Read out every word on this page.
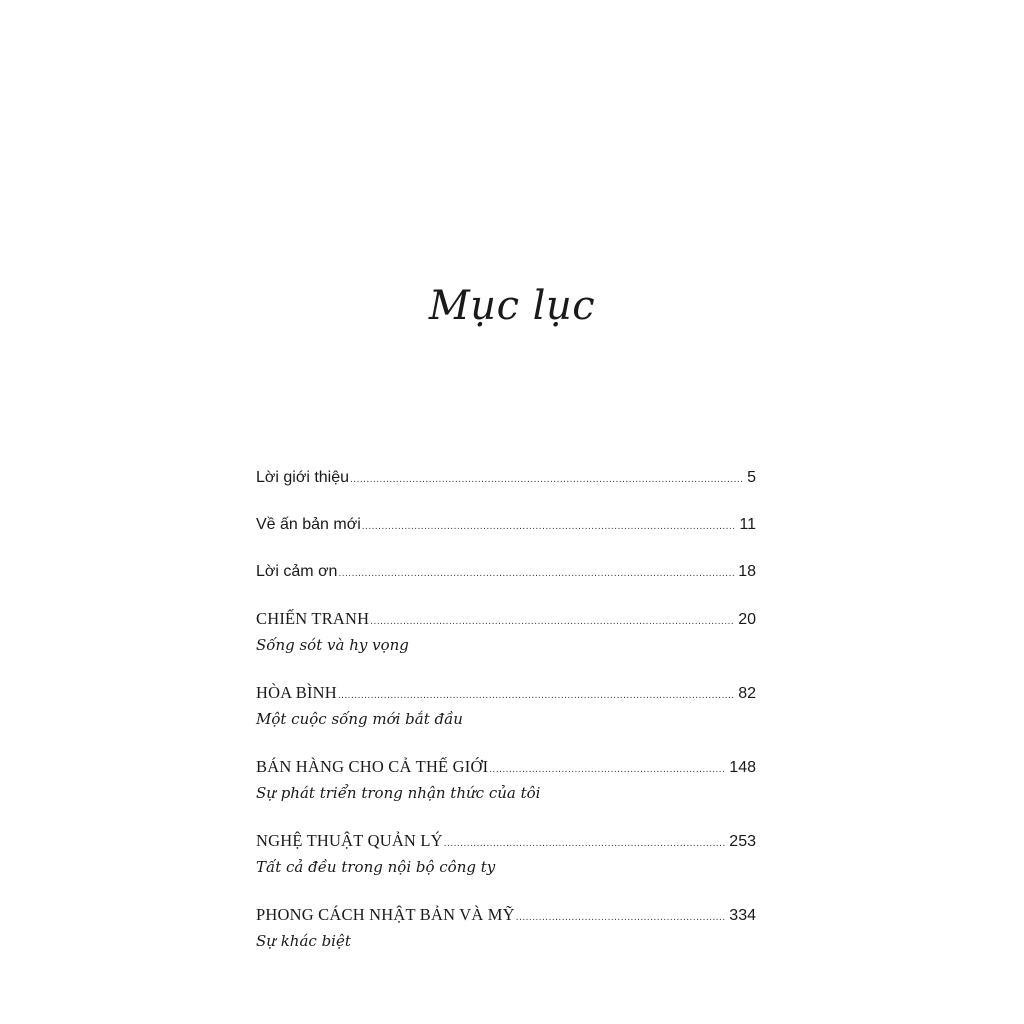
Mục lục
Lời giới thiệu .....	5
Về ấn bản mới .....	11
Lời cảm ơn .....	18
CHIẾN TRANH .....	20
Sống sót và hy vọng
HÒA BÌNH .....	82
Một cuộc sống mới bắt đầu
BÁN HÀNG CHO CẢ THẾ GIỚI .....	148
Sự phát triển trong nhận thức của tôi
NGHỆ THUẬT QUẢN LÝ .....	253
Tất cả đều trong nội bộ công ty
PHONG CÁCH NHẬT BẢN VÀ MỸ .....	334
Sự khác biệt
